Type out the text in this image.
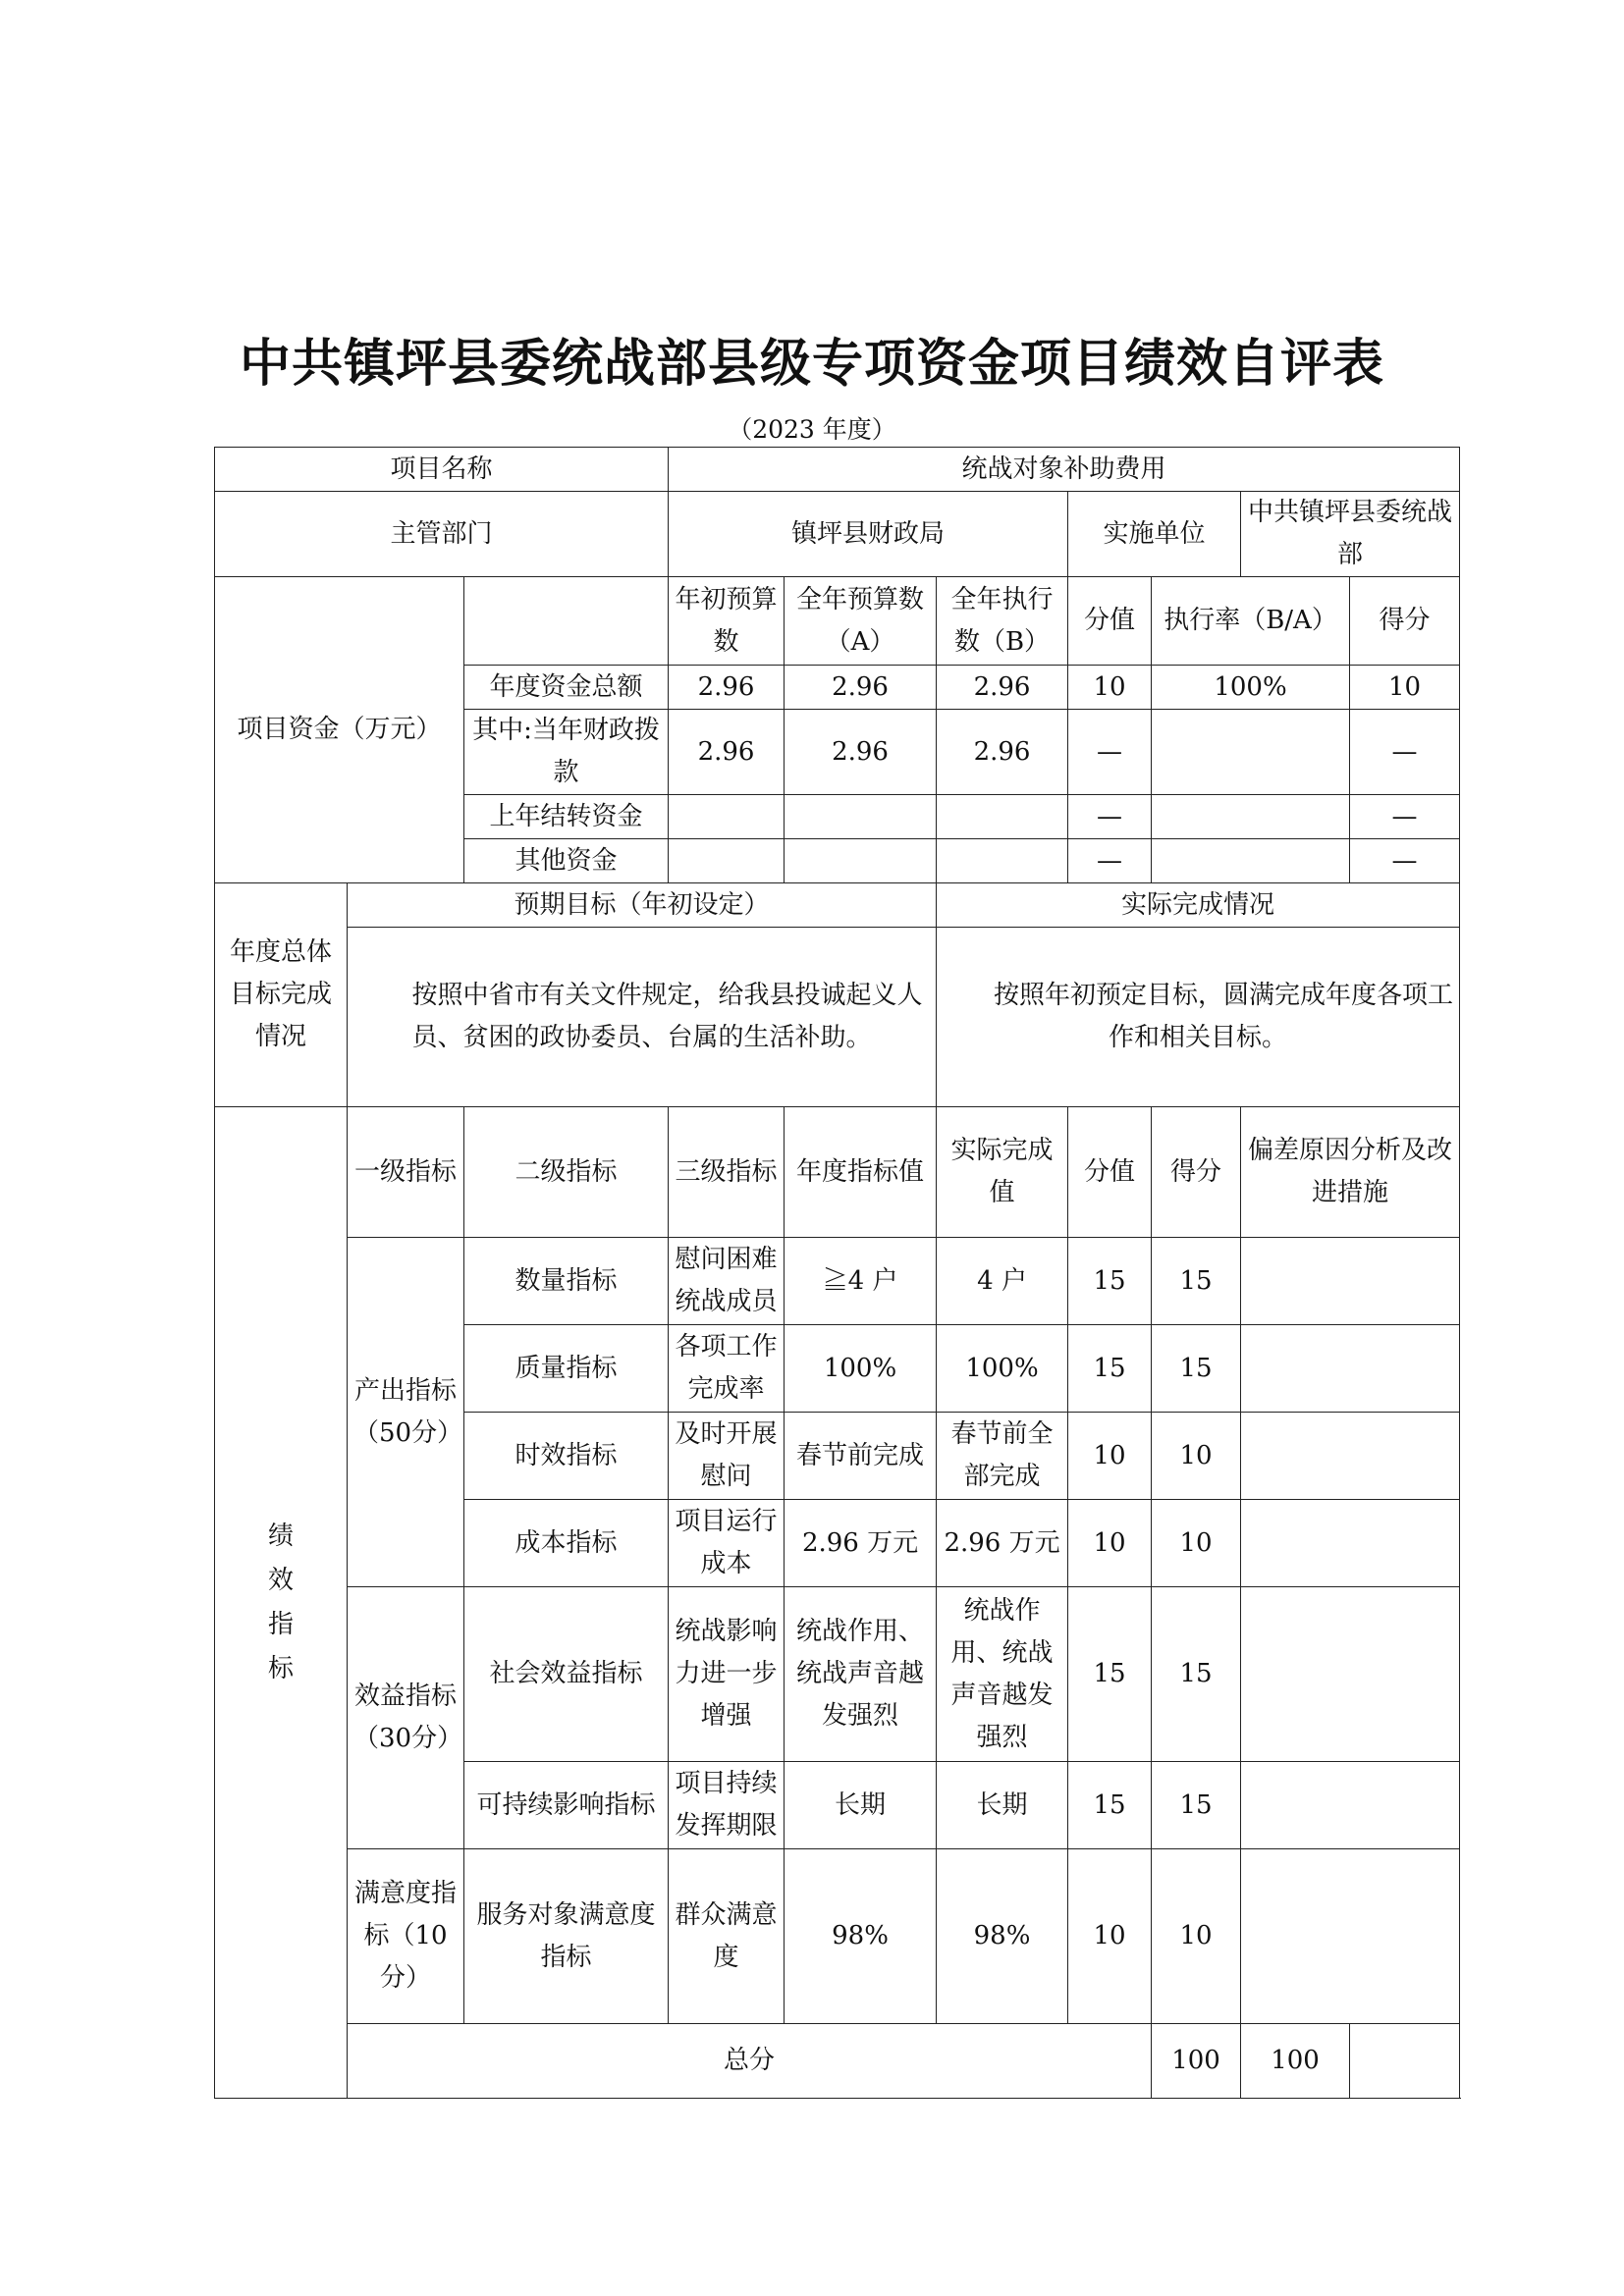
中共镇坪县委统战部县级专项资金项目绩效自评表
（2023 年度）
项目名称			统战对象补助费用						
主管部门			镇坪县财政局			实施单位		中共镇坪县委统战部	
项目资金（万元）			年初预算数	全年预算数（A）	全年执行数（B）	分值	执行率（B/A）		得分
		年度资金总额	2.96	2.96	2.96	10	100%		10
		其中:当年财政拨款	2.96	2.96	2.96	—			—
		上年结转资金				—			—
		其他资金				—			—
年度总体目标完成情况	预期目标（年初设定）				实际完成情况				
	按照中省市有关文件规定，给我县投诚起义人员、贫困的政协委员、台属的生活补助。				按照年初预定目标，圆满完成年度各项工作和相关目标。				

绩效指标	一级指标	二级指标	三级指标	年度指标值	实际完成值	分值	得分	偏差原因分析及改进措施	
	产出指标（50分）	数量指标	慰问困难统战成员	≧4 户	4 户	15	15		
		质量指标	各项工作完成率	100%	100%	15	15		
		时效指标	及时开展慰问	春节前完成	春节前全部完成	10	10		
		成本指标	项目运行成本	2.96 万元	2.96 万元	10	10		
	效益指标（30分）	社会效益指标	统战影响力进一步增强	统战作用、统战声音越发强烈	统战作用、统战声音越发强烈	15	15		
		可持续影响指标	项目持续发挥期限	长期	长期	15	15		
	满意度指标（10分）	服务对象满意度指标	群众满意度	98%	98%	10	10		
	总分						100	100	
